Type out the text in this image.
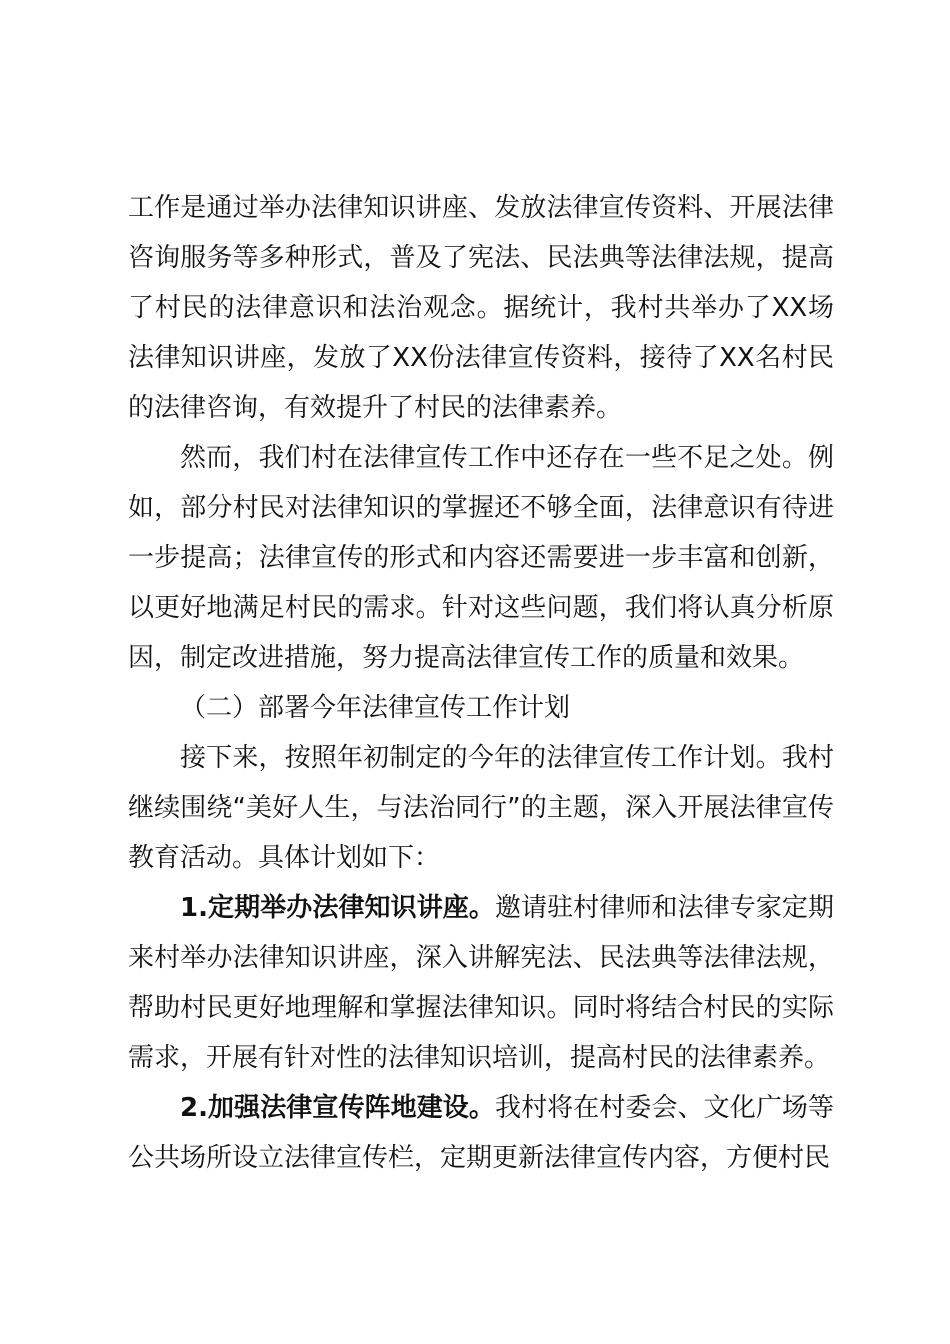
工作是通过举办法律知识讲座、发放法律宣传资料、开展法律咨询服务等多种形式，普及了宪法、民法典等法律法规，提高了村民的法律意识和法治观念。据统计，我村共举办了XX场法律知识讲座，发放了XX份法律宣传资料，接待了XX名村民的法律咨询，有效提升了村民的法律素养。

然而，我们村在法律宣传工作中还存在一些不足之处。例如，部分村民对法律知识的掌握还不够全面，法律意识有待进一步提高；法律宣传的形式和内容还需要进一步丰富和创新，以更好地满足村民的需求。针对这些问题，我们将认真分析原因，制定改进措施，努力提高法律宣传工作的质量和效果。

（二）部署今年法律宣传工作计划

接下来，按照年初制定的今年的法律宣传工作计划。我村继续围绕“美好人生，与法治同行”的主题，深入开展法律宣传教育活动。具体计划如下：

1.定期举办法律知识讲座。邀请驻村律师和法律专家定期来村举办法律知识讲座，深入讲解宪法、民法典等法律法规，帮助村民更好地理解和掌握法律知识。同时将结合村民的实际需求，开展有针对性的法律知识培训，提高村民的法律素养。

2.加强法律宣传阵地建设。我村将在村委会、文化广场等公共场所设立法律宣传栏，定期更新法律宣传内容，方便村民
